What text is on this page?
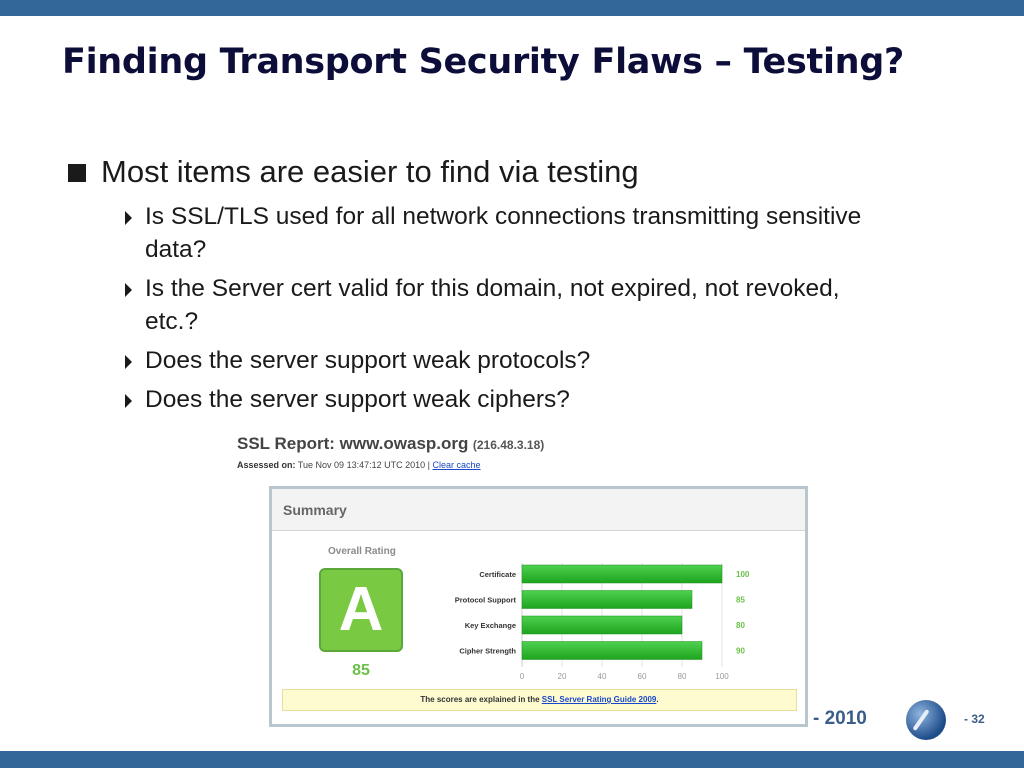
Finding Transport Security Flaws – Testing?
Most items are easier to find via testing
Is SSL/TLS used for all network connections transmitting sensitive data?
Is the Server cert valid for this domain, not expired, not revoked, etc.?
Does the server support weak protocols?
Does the server support weak ciphers?
SSL Report: www.owasp.org (216.48.3.18)
Assessed on: Tue Nov 09 13:47:12 UTC 2010 | Clear cache
Summary
Overall Rating
A
85	0	20	40	60	80	100
Certificate	100
Protocol Support	85
Key Exchange	80
Cipher Strength	90
The scores are explained in the SSL Server Rating Guide 2009.
- 2010	- 32
